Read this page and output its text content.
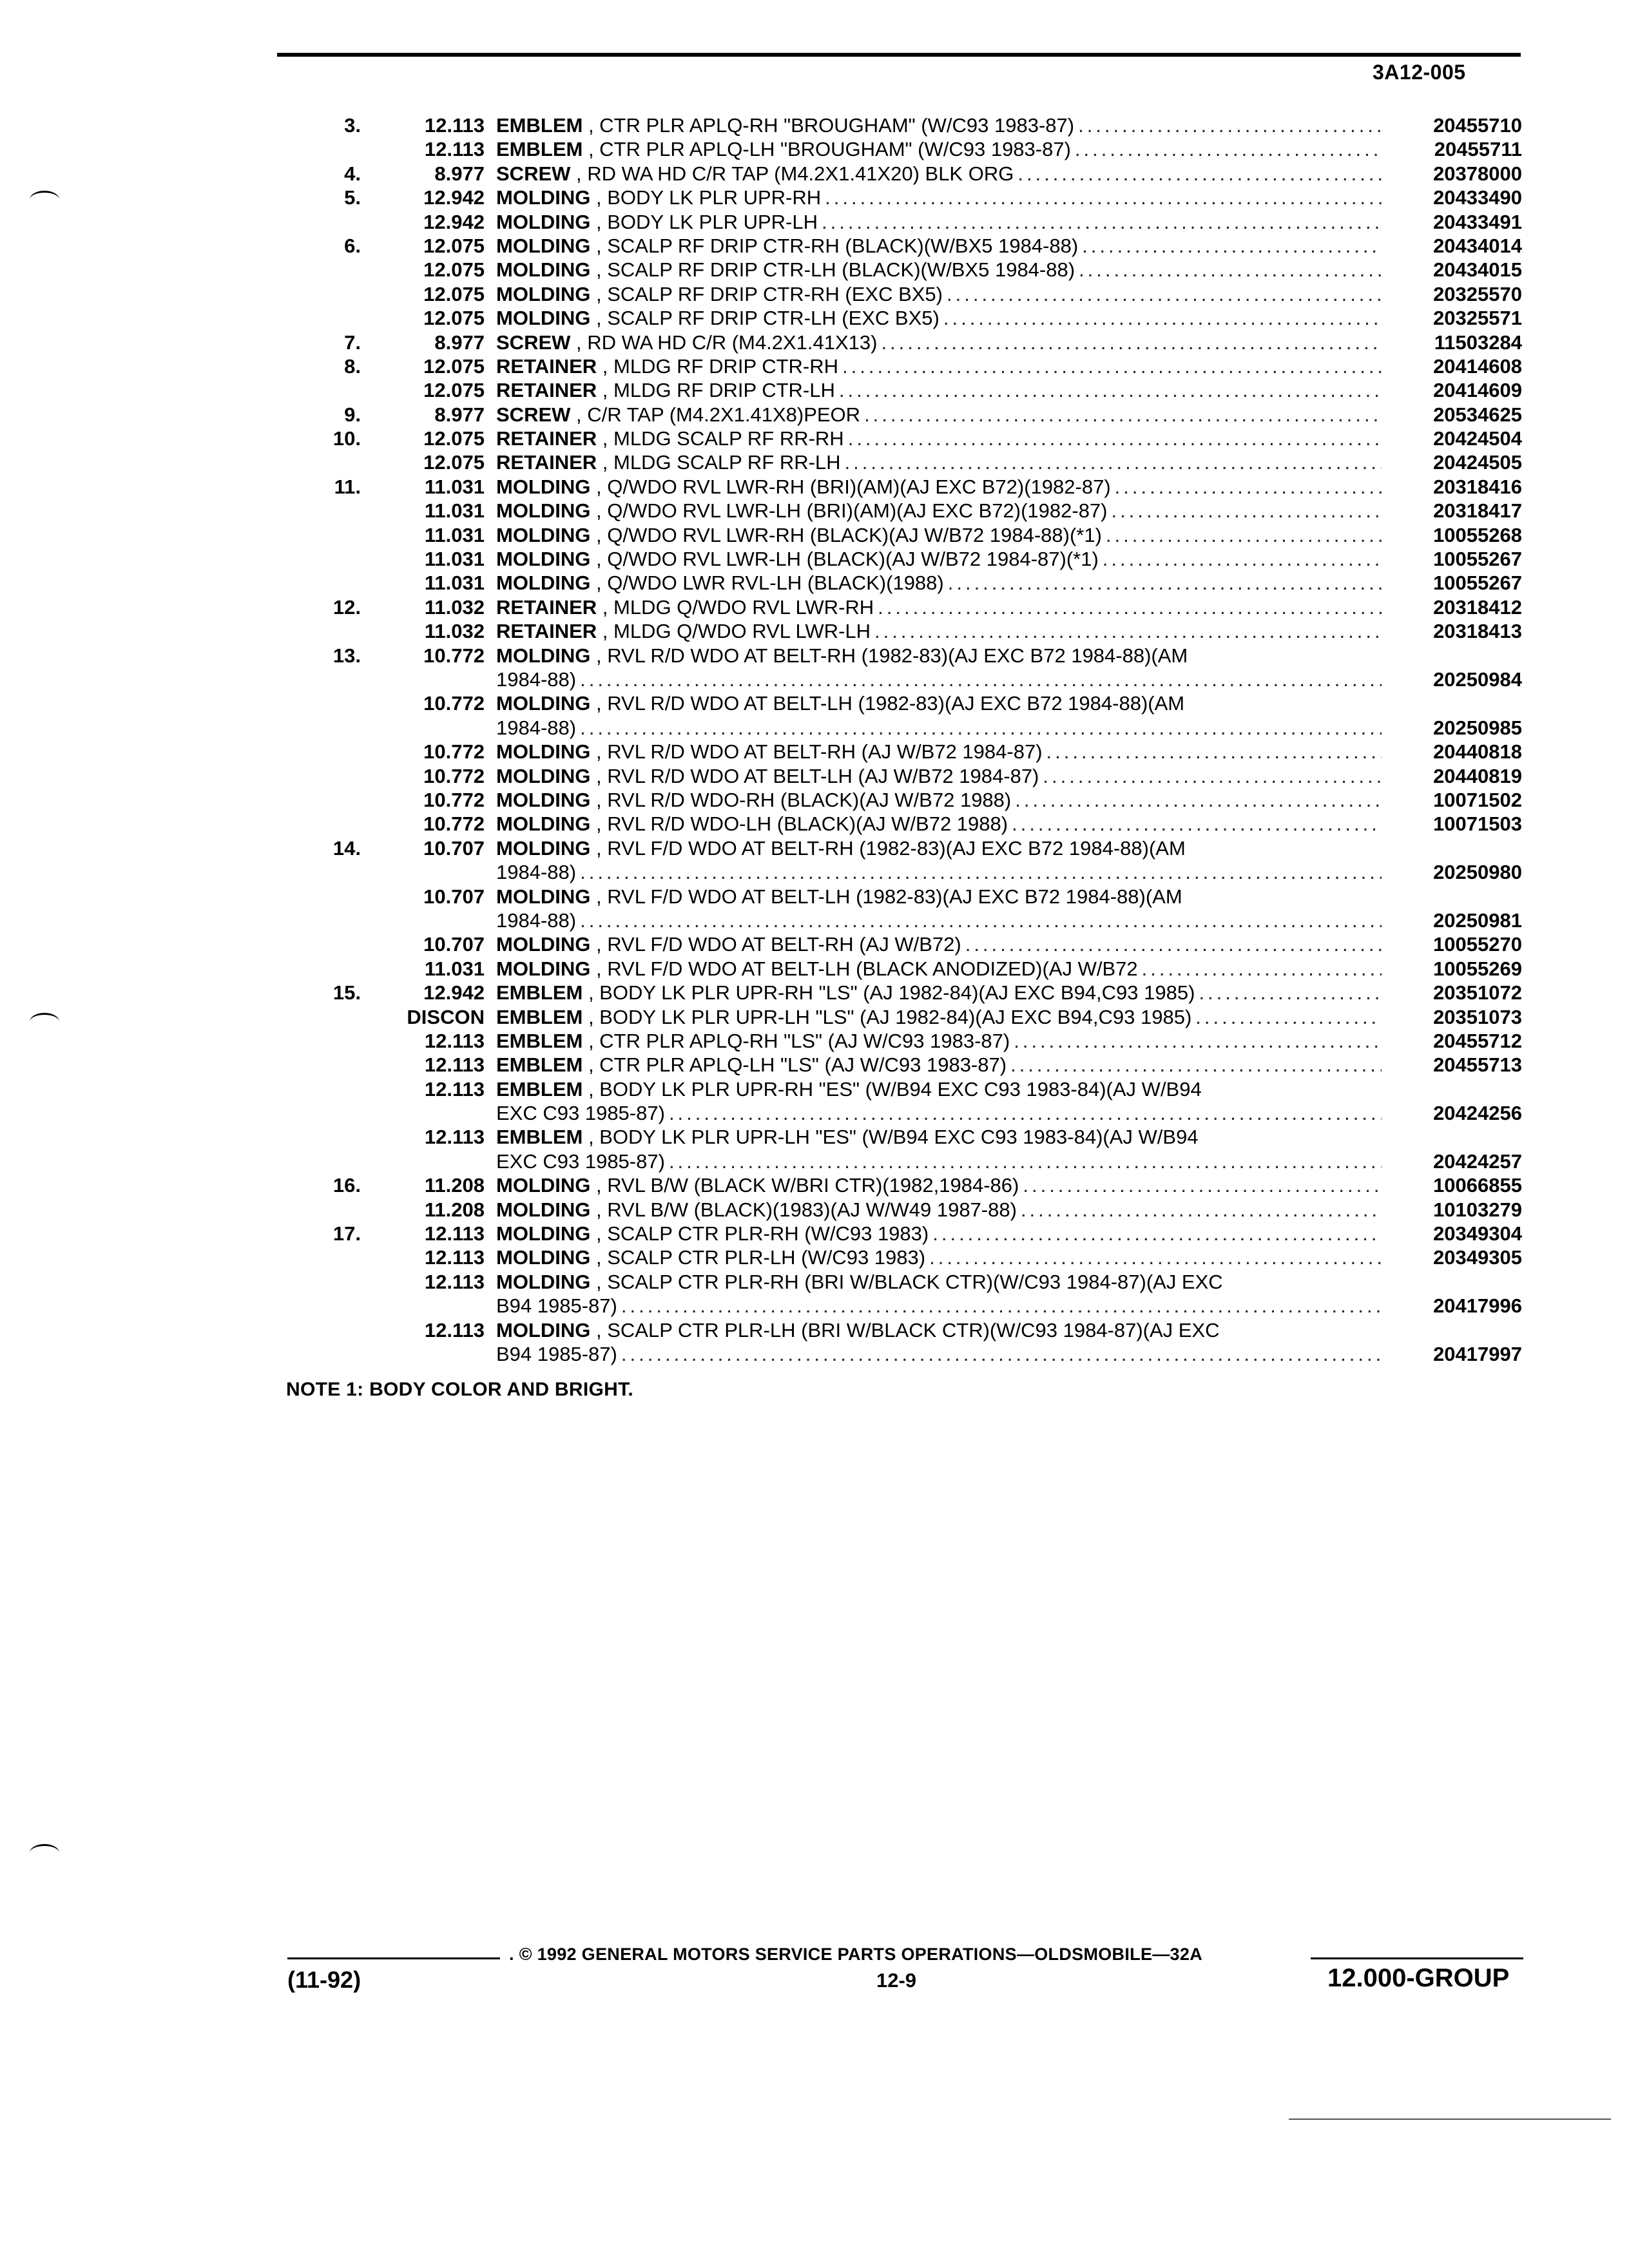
3A12-005
3.	12.113 EMBLEM , CTR PLR APLQ-RH "BROUGHAM" (W/C93 1983-87) .....	20455710
12.113 EMBLEM , CTR PLR APLQ-LH "BROUGHAM" (W/C93 1983-87) .....	20455711
4.	8.977 SCREW , RD WA HD C/R TAP (M4.2X1.41X20) BLK ORG .....	20378000
5.	12.942 MOLDING , BODY LK PLR UPR-RH .....	20433490
12.942 MOLDING , BODY LK PLR UPR-LH .....	20433491
6.	12.075 MOLDING , SCALP RF DRIP CTR-RH (BLACK)(W/BX5 1984-88) .....	20434014
12.075 MOLDING , SCALP RF DRIP CTR-LH (BLACK)(W/BX5 1984-88) .....	20434015
12.075 MOLDING , SCALP RF DRIP CTR-RH (EXC BX5) .....	20325570
12.075 MOLDING , SCALP RF DRIP CTR-LH (EXC BX5) .....	20325571
7.	8.977 SCREW , RD WA HD C/R (M4.2X1.41X13) .....	11503284
8.	12.075 RETAINER , MLDG RF DRIP CTR-RH .....	20414608
12.075 RETAINER , MLDG RF DRIP CTR-LH .....	20414609
9.	8.977 SCREW , C/R TAP (M4.2X1.41X8)PEOR .....	20534625
10.	12.075 RETAINER , MLDG SCALP RF RR-RH .....	20424504
12.075 RETAINER , MLDG SCALP RF RR-LH .....	20424505
11.	11.031 MOLDING , Q/WDO RVL LWR-RH (BRI)(AM)(AJ EXC B72)(1982-87) .....	20318416
11.031 MOLDING , Q/WDO RVL LWR-LH (BRI)(AM)(AJ EXC B72)(1982-87) .....	20318417
11.031 MOLDING , Q/WDO RVL LWR-RH (BLACK)(AJ W/B72 1984-88)(*1) .....	10055268
11.031 MOLDING , Q/WDO RVL LWR-LH (BLACK)(AJ W/B72 1984-87)(*1) .....	10055267
11.031 MOLDING , Q/WDO LWR RVL-LH (BLACK)(1988) .....	10055267
12.	11.032 RETAINER , MLDG Q/WDO RVL LWR-RH .....	20318412
11.032 RETAINER , MLDG Q/WDO RVL LWR-LH .....	20318413
13.	10.772 MOLDING , RVL R/D WDO AT BELT-RH (1982-83)(AJ EXC B72 1984-88)(AM
1984-88) .....	20250984
10.772 MOLDING , RVL R/D WDO AT BELT-LH (1982-83)(AJ EXC B72 1984-88)(AM
1984-88) .....	20250985
10.772 MOLDING , RVL R/D WDO AT BELT-RH (AJ W/B72 1984-87) .....	20440818
10.772 MOLDING , RVL R/D WDO AT BELT-LH (AJ W/B72 1984-87) .....	20440819
10.772 MOLDING , RVL R/D WDO-RH (BLACK)(AJ W/B72 1988) .....	10071502
10.772 MOLDING , RVL R/D WDO-LH (BLACK)(AJ W/B72 1988) .....	10071503
14.	10.707 MOLDING , RVL F/D WDO AT BELT-RH (1982-83)(AJ EXC B72 1984-88)(AM
1984-88) .....	20250980
10.707 MOLDING , RVL F/D WDO AT BELT-LH (1982-83)(AJ EXC B72 1984-88)(AM
1984-88) .....	20250981
10.707 MOLDING , RVL F/D WDO AT BELT-RH (AJ W/B72) .....	10055270
11.031 MOLDING , RVL F/D WDO AT BELT-LH (BLACK ANODIZED)(AJ W/B72 .....	10055269
15.	12.942 EMBLEM , BODY LK PLR UPR-RH "LS" (AJ 1982-84)(AJ EXC B94,C93 1985) .....	20351072
DISCON EMBLEM , BODY LK PLR UPR-LH "LS" (AJ 1982-84)(AJ EXC B94,C93 1985) .....	20351073
12.113 EMBLEM , CTR PLR APLQ-RH "LS" (AJ W/C93 1983-87) .....	20455712
12.113 EMBLEM , CTR PLR APLQ-LH "LS" (AJ W/C93 1983-87) .....	20455713
12.113 EMBLEM , BODY LK PLR UPR-RH "ES" (W/B94 EXC C93 1983-84)(AJ W/B94
EXC C93 1985-87) .....	20424256
12.113 EMBLEM , BODY LK PLR UPR-LH "ES" (W/B94 EXC C93 1983-84)(AJ W/B94
EXC C93 1985-87) .....	20424257
16.	11.208 MOLDING , RVL B/W (BLACK W/BRI CTR)(1982,1984-86) .....	10066855
11.208 MOLDING , RVL B/W (BLACK)(1983)(AJ W/W49 1987-88) .....	10103279
17.	12.113 MOLDING , SCALP CTR PLR-RH (W/C93 1983) .....	20349304
12.113 MOLDING , SCALP CTR PLR-LH (W/C93 1983) .....	20349305
12.113 MOLDING , SCALP CTR PLR-RH (BRI W/BLACK CTR)(W/C93 1984-87)(AJ EXC
B94 1985-87) .....	20417996
12.113 MOLDING , SCALP CTR PLR-LH (BRI W/BLACK CTR)(W/C93 1984-87)(AJ EXC
B94 1985-87) .....	20417997
NOTE 1: BODY COLOR AND BRIGHT.
. © 1992 GENERAL MOTORS SERVICE PARTS OPERATIONS—OLDSMOBILE—32A
(11-92)	12-9	12.000-GROUP
